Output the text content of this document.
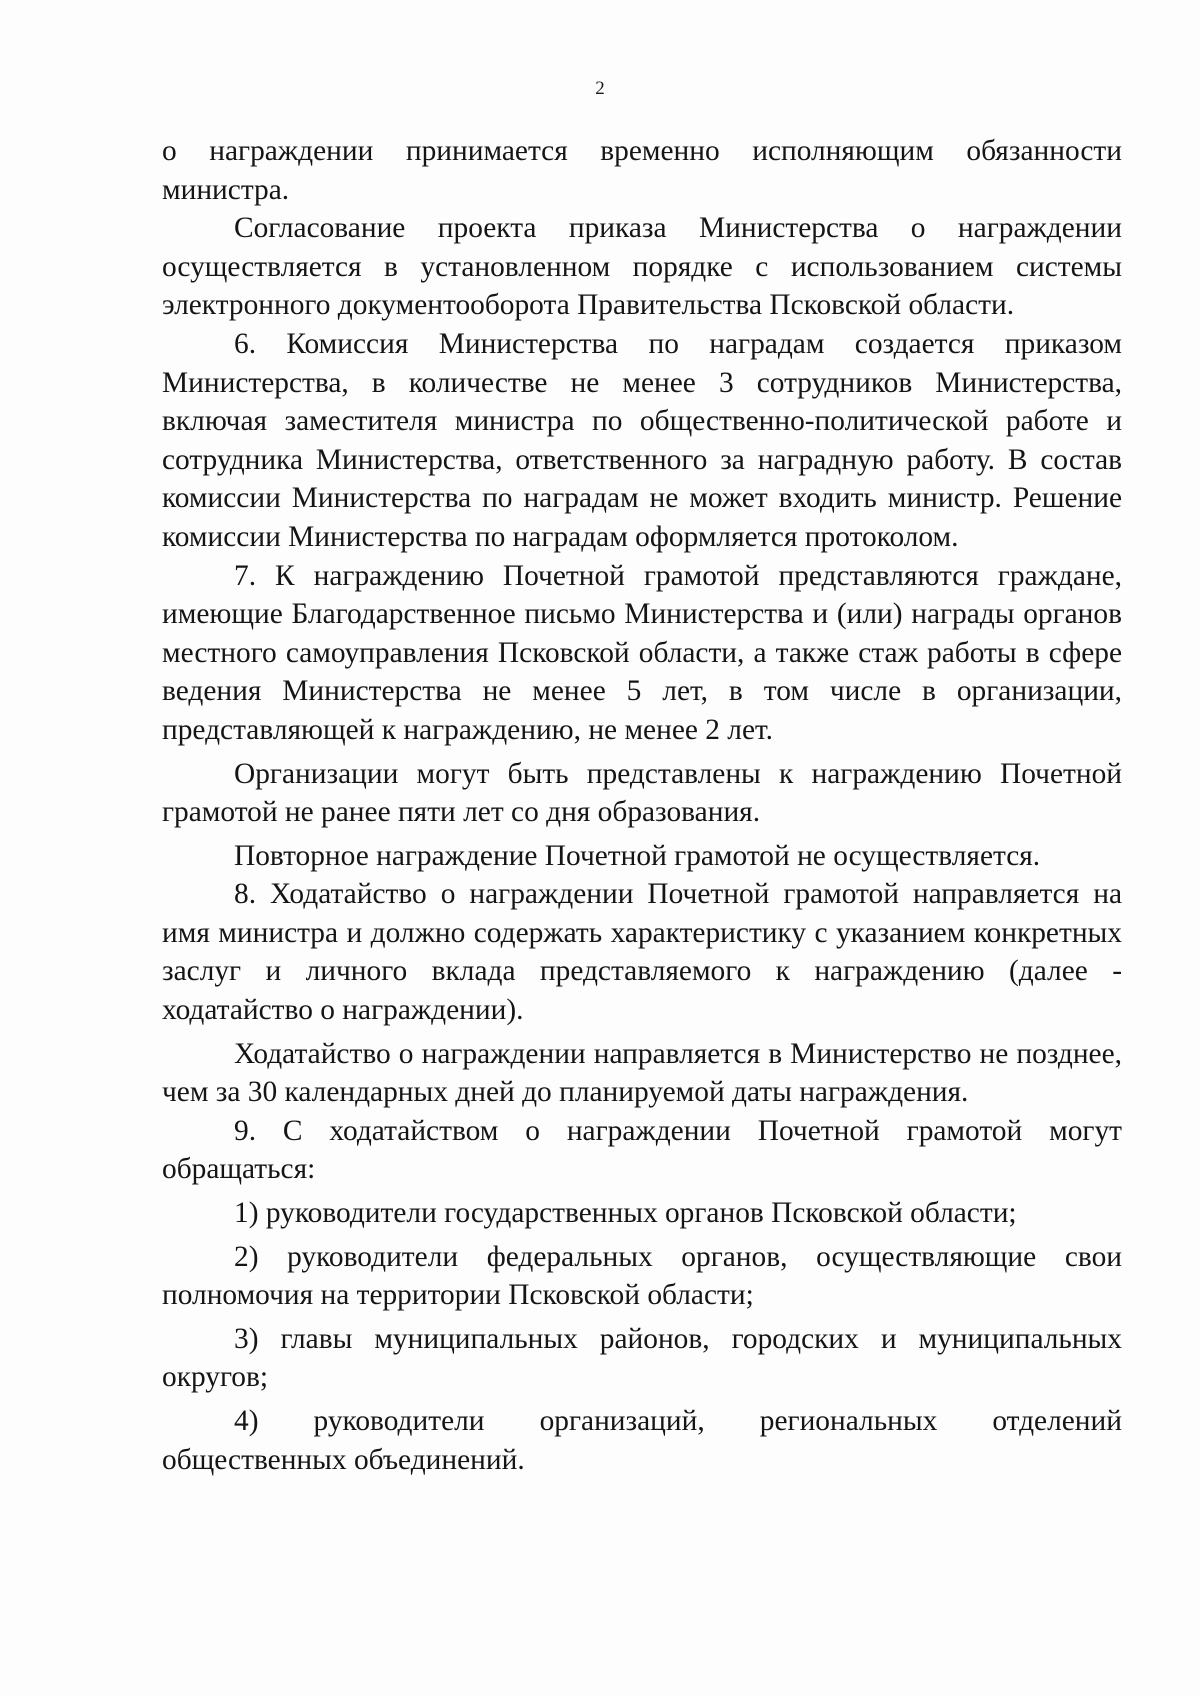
2

о награждении принимается временно исполняющим обязанности министра.

Согласование проекта приказа Министерства о награждении осуществляется в установленном порядке с использованием системы электронного документооборота Правительства Псковской области.

6. Комиссия Министерства по наградам создается приказом Министерства, в количестве не менее 3 сотрудников Министерства, включая заместителя министра по общественно-политической работе и сотрудника Министерства, ответственного за наградную работу. В состав комиссии Министерства по наградам не может входить министр. Решение комиссии Министерства по наградам оформляется протоколом.

7. К награждению Почетной грамотой представляются граждане, имеющие Благодарственное письмо Министерства и (или) награды органов местного самоуправления Псковской области, а также стаж работы в сфере ведения Министерства не менее 5 лет, в том числе в организации, представляющей к награждению, не менее 2 лет.

Организации могут быть представлены к награждению Почетной грамотой не ранее пяти лет со дня образования.

Повторное награждение Почетной грамотой не осуществляется.

8. Ходатайство о награждении Почетной грамотой направляется на имя министра и должно содержать характеристику с указанием конкретных заслуг и личного вклада представляемого к награждению (далее - ходатайство о награждении).

Ходатайство о награждении направляется в Министерство не позднее, чем за 30 календарных дней до планируемой даты награждения.

9. С ходатайством о награждении Почетной грамотой могут обращаться:

1) руководители государственных органов Псковской области;

2) руководители федеральных органов, осуществляющие свои полномочия на территории Псковской области;

3) главы муниципальных районов, городских и муниципальных округов;

4) руководители организаций, региональных отделений общественных объединений.
